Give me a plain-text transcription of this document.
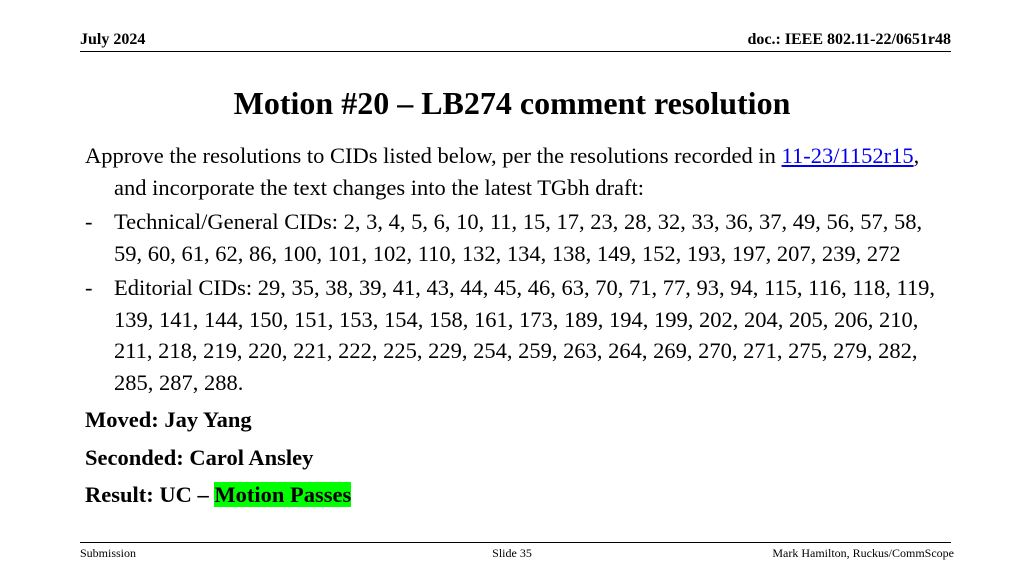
July 2024	doc.: IEEE 802.11-22/0651r48
Motion #20 – LB274 comment resolution

Approve the resolutions to CIDs listed below, per the resolutions recorded in 11-23/1152r15, and incorporate the text changes into the latest TGbh draft:

- Technical/General CIDs: 2, 3, 4, 5, 6, 10, 11, 15, 17, 23, 28, 32, 33, 36, 37, 49, 56, 57, 58, 59, 60, 61, 62, 86, 100, 101, 102, 110, 132, 134, 138, 149, 152, 193, 197, 207, 239, 272

- Editorial CIDs: 29, 35, 38, 39, 41, 43, 44, 45, 46, 63, 70, 71, 77, 93, 94, 115, 116, 118, 119, 139, 141, 144, 150, 151, 153, 154, 158, 161, 173, 189, 194, 199, 202, 204, 205, 206, 210, 211, 218, 219, 220, 221, 222, 225, 229, 254, 259, 263, 264, 269, 270, 271, 275, 279, 282, 285, 287, 288.

Moved: Jay Yang

Seconded: Carol Ansley

Result: UC – Motion Passes

Submission	Slide 35	Mark Hamilton, Ruckus/CommScope
